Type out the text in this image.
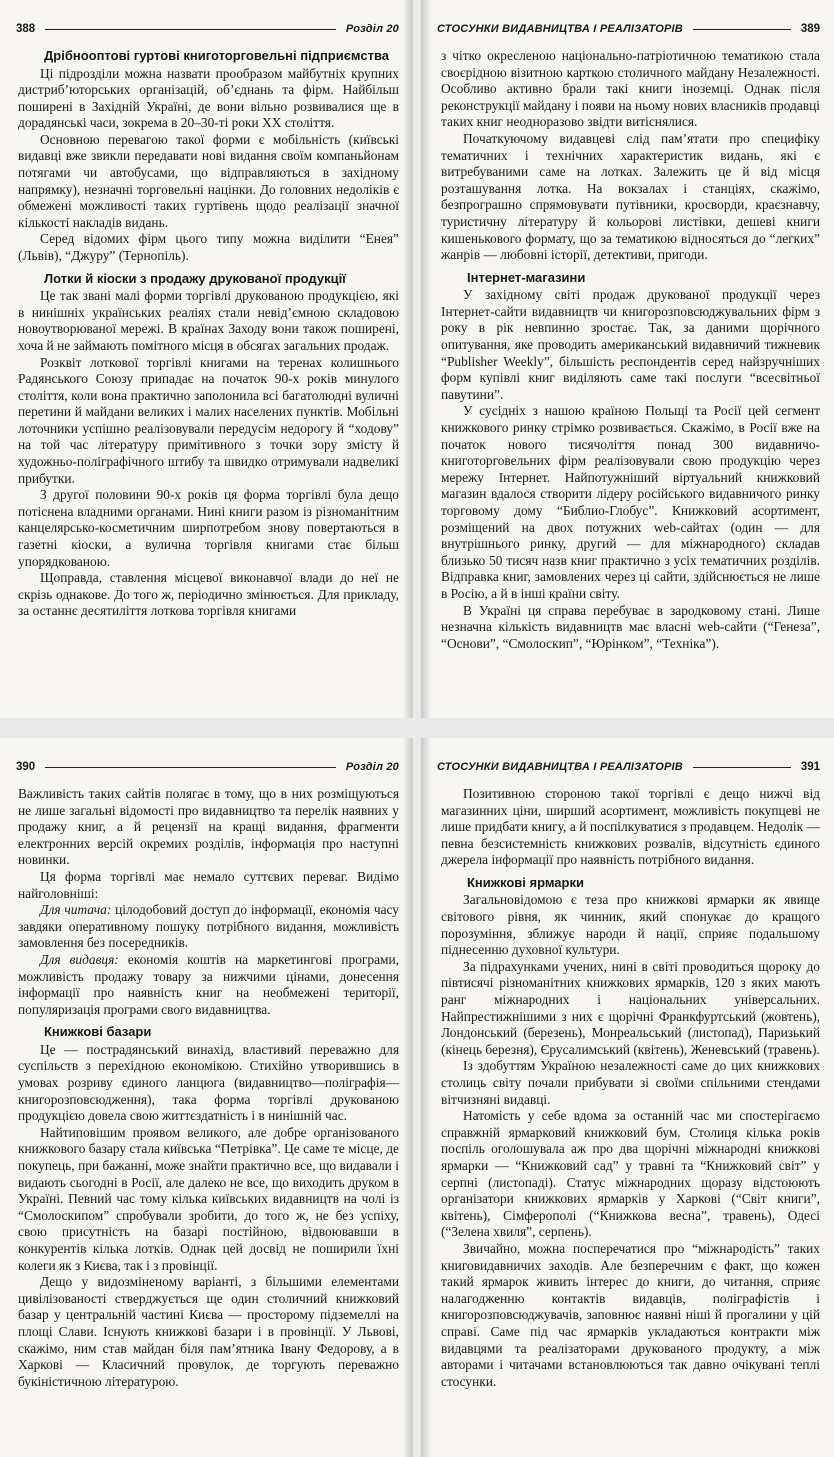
388	Розділ 20
Дрібнооптові гуртові книготорговельні підприємства

Ці підрозділи можна назвати прообразом майбутніх крупних дистриб’юторських організацій, об’єднань та фірм. Найбільш поширені в Західній Україні, де вони вільно розвивалися ще в дорадянські часи, зокрема в 20–30-ті роки XX століття.

Основною перевагою такої форми є мобільність (київські видавці вже звикли передавати нові видання своїм компаньйонам потягами чи автобусами, що відправляються в західному напрямку), незначні торговельні націнки. До головних недоліків є обмежені можливості таких гуртівень щодо реалізації значної кількості накладів видань.

Серед відомих фірм цього типу можна виділити “Енея” (Львів), “Джуру” (Тернопіль).

Лотки й кіоски з продажу друкованої продукції

Це так звані малі форми торгівлі друкованою продукцією, які в нинішніх українських реаліях стали невід’ємною складовою новоутворюваної мережі. В країнах Заходу вони також поширені, хоча й не займають помітного місця в обсягах загальних продаж.

Розквіт лоткової торгівлі книгами на теренах колишнього Радянського Союзу припадає на початок 90-х років минулого століття, коли вона практично заполонила всі багатолюдні вуличні перетини й майдани великих і малих населених пунктів. Мобільні лоточники успішно реалізовували передусім недорогу й “ходову” на той час літературу примітивного з точки зору змісту й художньо-поліграфічного штибу та швидко отримували надвеликі прибутки.

З другої половини 90-х років ця форма торгівлі була дещо потіснена владними органами. Нині книги разом із різноманітним канцелярсько-косметичним ширпотребом знову повертаються в газетні кіоски, а вулична торгівля книгами стає більш упорядкованою.

Щоправда, ставлення місцевої виконавчої влади до неї не скрізь однакове. До того ж, періодично змінюється. Для прикладу, за останнє десятиліття лоткова торгівля книгами

СТОСУНКИ ВИДАВНИЦТВА І РЕАЛІЗАТОРІВ	389

з чітко окресленою національно-патріотичною тематикою стала своєрідною візитною карткою столичного майдану Незалежності. Особливо активно брали такі книги іноземці. Однак після реконструкції майдану і появи на ньому нових власників продавці таких книг неодноразово звідти витіснялися.

Початкуючому видавцеві слід пам’ятати про специфіку тематичних і технічних характеристик видань, які є витребуваними саме на лотках. Залежить це й від місця розташування лотка. На вокзалах і станціях, скажімо, безпрограшно спрямовувати путівники, кросворди, краєзнавчу, туристичну літературу й кольорові листівки, дешеві книги кишенькового формату, що за тематикою відносяться до “легких” жанрів — любовні історії, детективи, пригоди.

Інтернет-магазини

У західному світі продаж друкованої продукції через Інтернет-сайти видавництв чи книгорозповсюджувальних фірм з року в рік невпинно зростає. Так, за даними щорічного опитування, яке проводить американський видавничий тижневик “Publisher Weekly”, більшість респондентів серед найзручніших форм купівлі книг виділяють саме такі послуги “всесвітньої павутини”.

У сусідніх з нашою країною Польщі та Росії цей сегмент книжкового ринку стрімко розвивається. Скажімо, в Росії вже на початок нового тисячоліття понад 300 видавничо-книготорговельних фірм реалізовували свою продукцію через мережу Інтернет. Найпотужніший віртуальний книжковий магазин вдалося створити лідеру російського видавничого ринку торговому дому “Библио-Глобус”. Книжковий асортимент, розміщений на двох потужних web-сайтах (один — для внутрішнього ринку, другий — для міжнародного) складав близько 50 тисяч назв книг практично з усіх тематичних розділів. Відправка книг, замовлених через ці сайти, здійснюється не лише в Росію, а й в інші країни світу.

В Україні ця справа перебуває в зародковому стані. Лише незначна кількість видавництв має власні web-сайти (“Генеза”, “Основи”, “Смолоскип”, “Юрінком”, “Техніка”).

390	Розділ 20

Важливість таких сайтів полягає в тому, що в них розміщуються не лише загальні відомості про видавництво та перелік наявних у продажу книг, а й рецензії на кращі видання, фрагменти електронних версій окремих розділів, інформація про наступні новинки.

Ця форма торгівлі має немало суттєвих переваг. Видімо найголовніші:

Для читача: цілодобовий доступ до інформації, економія часу завдяки оперативному пошуку потрібного видання, можливість замовлення без посередників.

Для видавця: економія коштів на маркетингові програми, можливість продажу товару за нижчими цінами, донесення інформації про наявність книг на необмежені території, популяризація програми свого видавництва.

Книжкові базари

Це — пострадянський винахід, властивий переважно для суспільств з перехідною економікою. Стихійно утворившись в умовах розриву єдиного ланцюга (видавництво—поліграфія—книгорозповсюдження), така форма торгівлі друкованою продукцією довела свою життєздатність і в нинішній час.

Найтиповішим проявом великого, але добре організованого книжкового базару стала київська “Петрівка”. Це саме те місце, де покупець, при бажанні, може знайти практично все, що видавали і видають сьогодні в Росії, але далеко не все, що виходить друком в Україні. Певний час тому кілька київських видавництв на чолі із “Смолоскипом” спробували зробити, до того ж, не без успіху, свою присутність на базарі постійною, відвоювавши в конкурентів кілька лотків. Однак цей досвід не поширили їхні колеги як з Києва, так і з провінції.

Дещо у видозміненому варіанті, з більшими елементами цивілізованості стверджується ще один столичний книжковий базар у центральній частині Києва — просторому підземеллі на площі Слави. Існують книжкові базари і в провінції. У Львові, скажімо, ним став майдан біля пам’ятника Івану Федорову, а в Харкові — Класичний провулок, де торгують переважно букіністичною літературою.

СТОСУНКИ ВИДАВНИЦТВА І РЕАЛІЗАТОРІВ	391

Позитивною стороною такої торгівлі є дещо нижчі від магазинних ціни, ширший асортимент, можливість покупцеві не лише придбати книгу, а й поспілкуватися з продавцем. Недолік — певна безсистемність книжкових розвалів, відсутність єдиного джерела інформації про наявність потрібного видання.

Книжкові ярмарки

Загальновідомою є теза про книжкові ярмарки як явище світового рівня, як чинник, який спонукає до кращого порозуміння, зближує народи й нації, сприяє подальшому піднесенню духовної культури.

За підрахунками учених, нині в світі проводиться щороку до півтисячі різноманітних книжкових ярмарків, 120 з яких мають ранг міжнародних і національних універсальних. Найпрестижнішими з них є щорічні Франкфуртський (жовтень), Лондонський (березень), Монреальський (листопад), Паризький (кінець березня), Єрусалимський (квітень), Женевський (травень).

Із здобуттям Україною незалежності саме до цих книжкових столиць світу почали прибувати зі своїми спільними стендами вітчизняні видавці.

Натомість у себе вдома за останній час ми спостерігаємо справжній ярмарковий книжковий бум. Столиця кілька років поспіль оголошувала аж про два щорічні міжнародні книжкові ярмарки — “Книжковий сад” у травні та “Книжковий світ” у серпні (листопаді). Статус міжнародних щоразу відстоюють організатори книжкових ярмарків у Харкові (“Світ книги”, квітень), Сімферополі (“Книжкова весна”, травень), Одесі (“Зелена хвиля”, серпень).

Звичайно, можна посперечатися про “міжнародість” таких книговидавничих заходів. Але безперечним є факт, що кожен такий ярмарок живить інтерес до книги, до читання, сприяє налагодженню контактів видавців, поліграфістів і книгорозповсюджувачів, заповнює наявні ніші й прогалини у цій справі. Саме під час ярмарків укладаються контракти між видавцями та реалізаторами друкованого продукту, а між авторами і читачами встановлюються так давно очікувані теплі стосунки.
